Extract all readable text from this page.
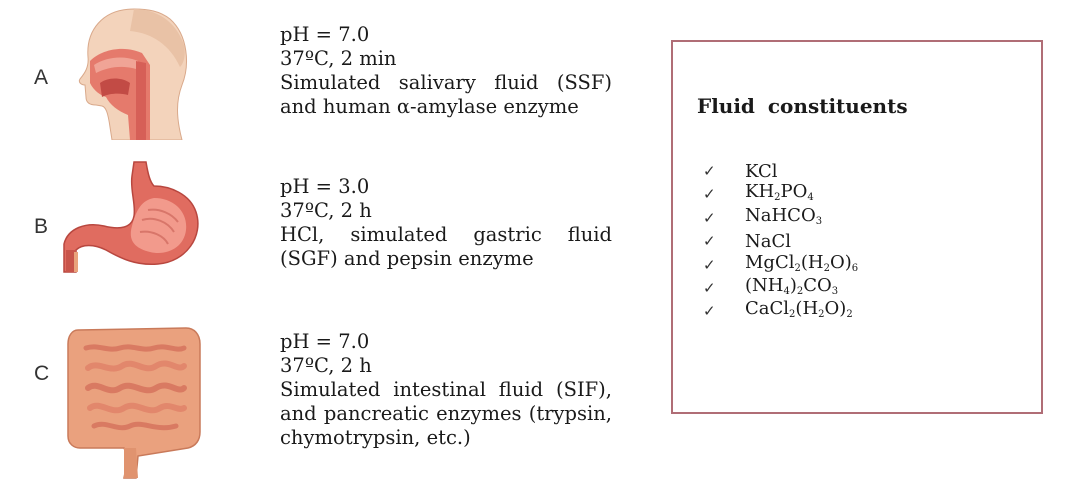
A
pH = 7.0
37ºC, 2 min
Simulated salivary fluid (SSF)
and human α-amylase enzyme
B
pH = 3.0
37ºC, 2 h
HCl, simulated gastric fluid
(SGF) and pepsin enzyme
C
pH = 7.0
37ºC, 2 h
Simulated intestinal fluid (SIF),
and pancreatic enzymes (trypsin,
chymotrypsin, etc.)
Fluid constituents
✓	KCl
✓	$KH_2PO_4$
✓	NaHCO$_3$
✓	NaCl
✓	$MgCl_2(H_2O)_6$
✓	$(NH_4)_2CO_3$
✓	$CaCl_2(H_2O)_2$
